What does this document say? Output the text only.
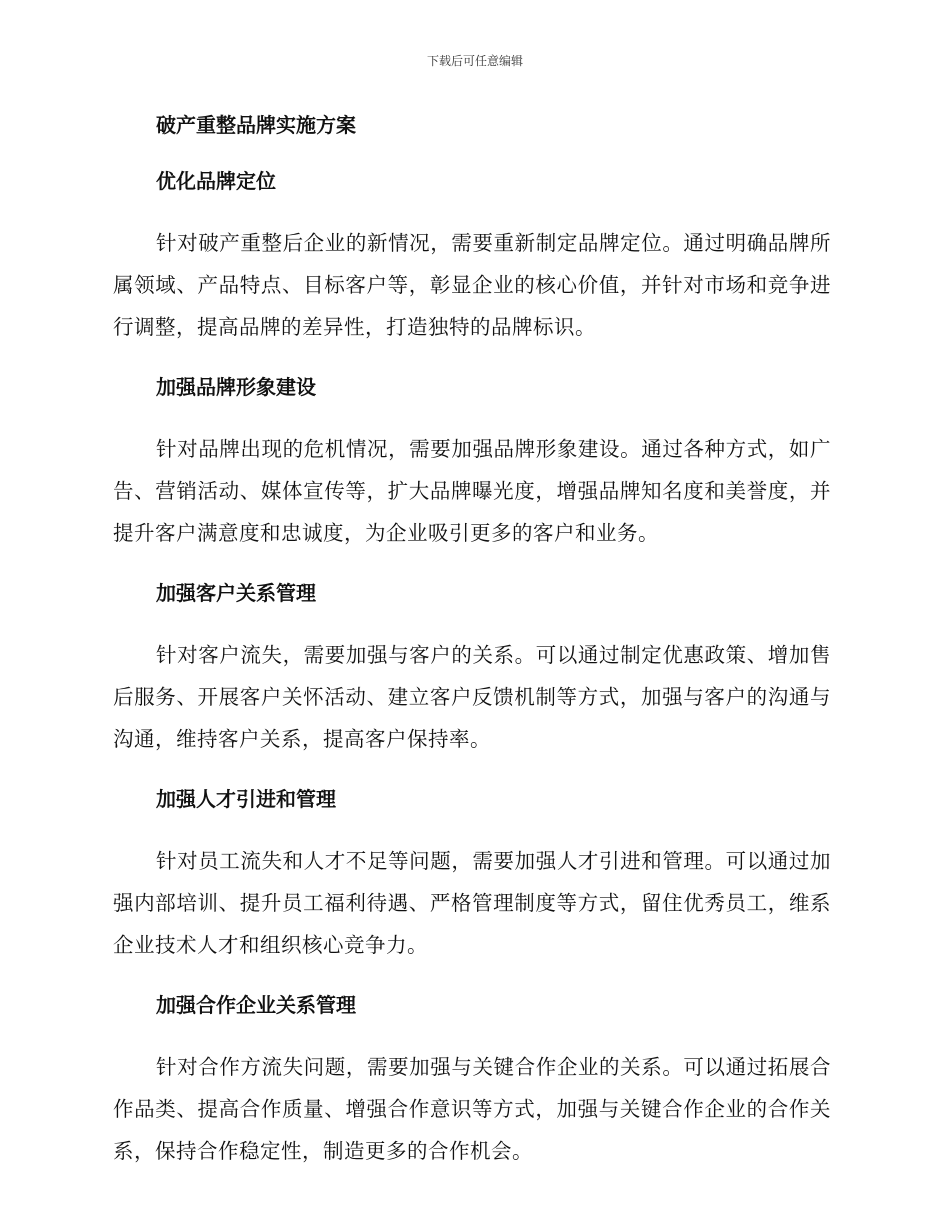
下载后可任意编辑
破产重整品牌实施方案
优化品牌定位

针对破产重整后企业的新情况，需要重新制定品牌定位。通过明确品牌所属领域、产品特点、目标客户等，彰显企业的核心价值，并针对市场和竞争进行调整，提高品牌的差异性，打造独特的品牌标识。

加强品牌形象建设

针对品牌出现的危机情况，需要加强品牌形象建设。通过各种方式，如广告、营销活动、媒体宣传等，扩大品牌曝光度，增强品牌知名度和美誉度，并提升客户满意度和忠诚度，为企业吸引更多的客户和业务。

加强客户关系管理

针对客户流失，需要加强与客户的关系。可以通过制定优惠政策、增加售后服务、开展客户关怀活动、建立客户反馈机制等方式，加强与客户的沟通与沟通，维持客户关系，提高客户保持率。

加强人才引进和管理

针对员工流失和人才不足等问题，需要加强人才引进和管理。可以通过加强内部培训、提升员工福利待遇、严格管理制度等方式，留住优秀员工，维系企业技术人才和组织核心竞争力。

加强合作企业关系管理

针对合作方流失问题，需要加强与关键合作企业的关系。可以通过拓展合作品类、提高合作质量、增强合作意识等方式，加强与关键合作企业的合作关系，保持合作稳定性，制造更多的合作机会。
